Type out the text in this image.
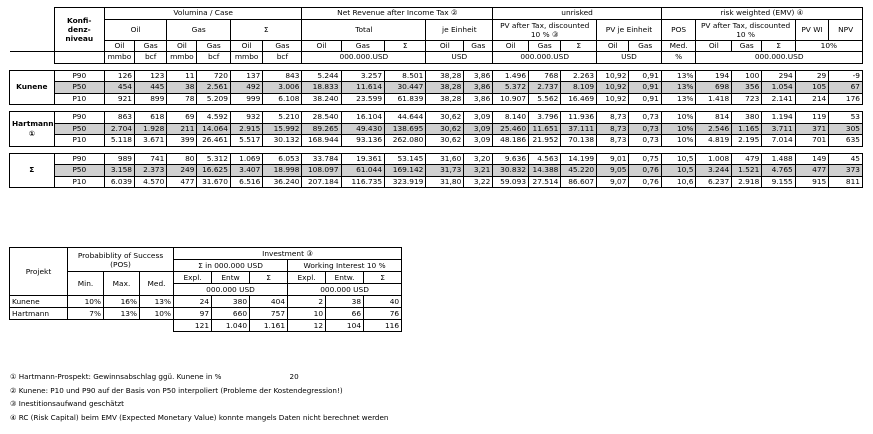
	Konfi-denz-niveau	Volumina / Case						Net Revenue after Income Tax ②					unrisked					risk weighted (EMV) ④					
		Oil		Gas		Σ		Total			je Einheit		PV after Tax, discounted 10 % ③			PV je Einheit		POS	PV after Tax, discounted 10 %			PV WI	NPV

		Oil	Gas	Oil	Gas	Oil	Gas	Oil	Gas	Σ	Oil	Gas	Oil	Gas	Σ	Oil	Gas	Med.	Oil	Gas	Σ	10%	
		mmbo	bcf	mmbo	bcf	mmbo	bcf	000.000.USD			USD		000.000.USD			USD		%	000.000.USD				

Kunene	P90	126	123	11	720	137	843	5.244	3.257	8.501	38,28	3,86	1.496	768	2.263	10,92	0,91	13%	194	100	294	29	-9
	P50	454	445	38	2.561	492	3.006	18.833	11.614	30.447	38,28	3,86	5.372	2.737	8.109	10,92	0,91	13%	698	356	1.054	105	67
	P10	921	899	78	5.209	999	6.108	38.240	23.599	61.839	38,28	3,86	10.907	5.562	16.469	10,92	0,91	13%	1.418	723	2.141	214	176

Hartmann ①	P90	863	618	69	4.592	932	5.210	28.540	16.104	44.644	30,62	3,09	8.140	3.796	11.936	8,73	0,73	10%	814	380	1.194	119	53
	P50	2.704	1.928	211	14.064	2.915	15.992	89.265	49.430	138.695	30,62	3,09	25.460	11.651	37.111	8,73	0,73	10%	2.546	1.165	3.711	371	305
	P10	5.118	3.671	399	26.461	5.517	30.132	168.944	93.136	262.080	30,62	3,09	48.186	21.952	70.138	8,73	0,73	10%	4.819	2.195	7.014	701	635

Σ	P90	989	741	80	5.312	1.069	6.053	33.784	19.361	53.145	31,60	3,20	9.636	4.563	14.199	9,01	0,75	10,5	1.008	479	1.488	149	45
	P50	3.158	2.373	249	16.625	3.407	18.998	108.097	61.044	169.142	31,73	3,21	30.832	14.388	45.220	9,05	0,76	10,5	3.244	1.521	4.765	477	373
	P10	6.039	4.570	477	31.670	6.516	36.240	207.184	116.735	323.919	31,80	3,22	59.093	27.514	86.607	9,07	0,76	10,6	6.237	2.918	9.155	915	811
Projekt	Probabiblity of Success (POS)			Investment ③					
				Σ in 000.000 USD			Working Interest 10 %		
	Min.	Max.	Med.	Expl.	Entw	Σ	Expl.	Entw.	Σ
				000.000 USD			000.000 USD		
Kunene	10%	16%	13%	24	380	404	2	38	40
Hartmann	7%	13%	10%	97	660	757	10	66	76
				121	1.040	1.161	12	104	116
① Hartmann-Prospekt: Gewinnsabschlag ggü. Kunene in %	20
② Kunene: P10 und P90 auf der Basis von P50 interpoliert (Probleme der Kostendegression!)
③ Inestitionsaufwand geschätzt
④ RC (Risk Capital) beim EMV (Expected Monetary Value) konnte mangels Daten nicht berechnet werden
